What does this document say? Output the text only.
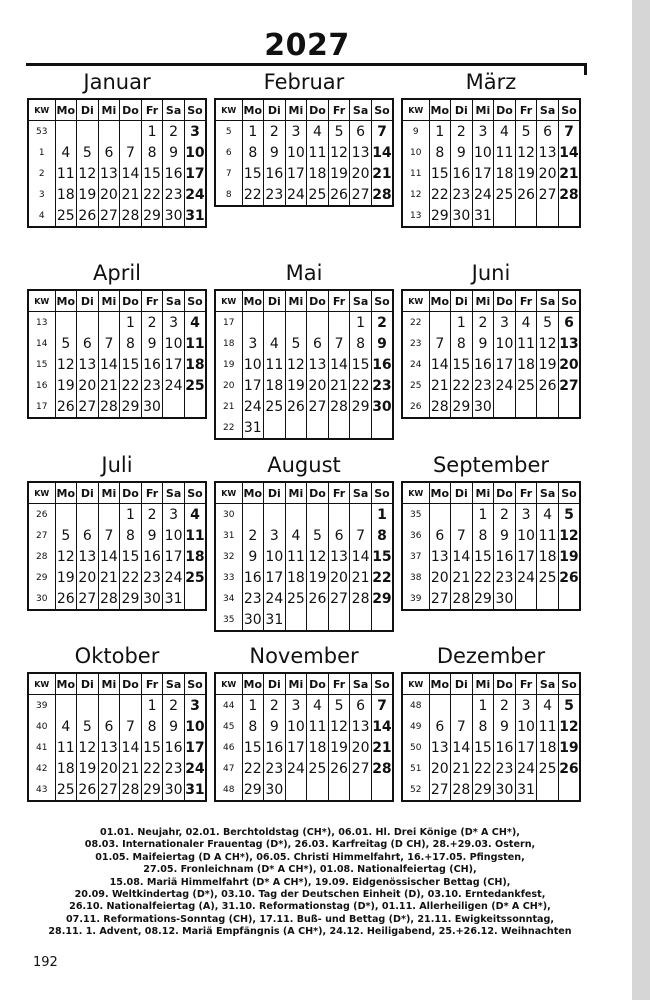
2027
Januar
KW	Mo	Di	Mi	Do	Fr	Sa	So
53					1	2	3
1	4	5	6	7	8	9	10
2	11	12	13	14	15	16	17
3	18	19	20	21	22	23	24
4	25	26	27	28	29	30	31
Februar
KW	Mo	Di	Mi	Do	Fr	Sa	So
5	1	2	3	4	5	6	7
6	8	9	10	11	12	13	14
7	15	16	17	18	19	20	21
8	22	23	24	25	26	27	28
März
KW	Mo	Di	Mi	Do	Fr	Sa	So
9	1	2	3	4	5	6	7
10	8	9	10	11	12	13	14
11	15	16	17	18	19	20	21
12	22	23	24	25	26	27	28
13	29	30	31				
April
KW	Mo	Di	Mi	Do	Fr	Sa	So
13				1	2	3	4
14	5	6	7	8	9	10	11
15	12	13	14	15	16	17	18
16	19	20	21	22	23	24	25
17	26	27	28	29	30		
Mai
KW	Mo	Di	Mi	Do	Fr	Sa	So
17						1	2
18	3	4	5	6	7	8	9
19	10	11	12	13	14	15	16
20	17	18	19	20	21	22	23
21	24	25	26	27	28	29	30
22	31						
Juni
KW	Mo	Di	Mi	Do	Fr	Sa	So
22		1	2	3	4	5	6
23	7	8	9	10	11	12	13
24	14	15	16	17	18	19	20
25	21	22	23	24	25	26	27
26	28	29	30				
Juli
KW	Mo	Di	Mi	Do	Fr	Sa	So
26				1	2	3	4
27	5	6	7	8	9	10	11
28	12	13	14	15	16	17	18
29	19	20	21	22	23	24	25
30	26	27	28	29	30	31	
August
KW	Mo	Di	Mi	Do	Fr	Sa	So
30							1
31	2	3	4	5	6	7	8
32	9	10	11	12	13	14	15
33	16	17	18	19	20	21	22
34	23	24	25	26	27	28	29
35	30	31					
September
KW	Mo	Di	Mi	Do	Fr	Sa	So
35			1	2	3	4	5
36	6	7	8	9	10	11	12
37	13	14	15	16	17	18	19
38	20	21	22	23	24	25	26
39	27	28	29	30			
Oktober
KW	Mo	Di	Mi	Do	Fr	Sa	So
39					1	2	3
40	4	5	6	7	8	9	10
41	11	12	13	14	15	16	17
42	18	19	20	21	22	23	24
43	25	26	27	28	29	30	31
November
KW	Mo	Di	Mi	Do	Fr	Sa	So
44	1	2	3	4	5	6	7
45	8	9	10	11	12	13	14
46	15	16	17	18	19	20	21
47	22	23	24	25	26	27	28
48	29	30					
Dezember
KW	Mo	Di	Mi	Do	Fr	Sa	So
48			1	2	3	4	5
49	6	7	8	9	10	11	12
50	13	14	15	16	17	18	19
51	20	21	22	23	24	25	26
52	27	28	29	30	31		
01.01. Neujahr, 02.01. Berchtoldstag (CH*), 06.01. Hl. Drei Könige (D* A CH*),
08.03. Internationaler Frauentag (D*), 26.03. Karfreitag (D CH), 28.+29.03. Ostern,
01.05. Maifeiertag (D A CH*), 06.05. Christi Himmelfahrt, 16.+17.05. Pfingsten,
27.05. Fronleichnam (D* A CH*), 01.08. Nationalfeiertag (CH),
15.08. Mariä Himmelfahrt (D* A CH*), 19.09. Eidgenössischer Bettag (CH),
20.09. Weltkindertag (D*), 03.10. Tag der Deutschen Einheit (D), 03.10. Erntedankfest,
26.10. Nationalfeiertag (A), 31.10. Reformationstag (D*), 01.11. Allerheiligen (D* A CH*),
07.11. Reformations-Sonntag (CH), 17.11. Buß- und Bettag (D*), 21.11. Ewigkeitssonntag,
28.11. 1. Advent, 08.12. Mariä Empfängnis (A CH*), 24.12. Heiligabend, 25.+26.12. Weihnachten
192
